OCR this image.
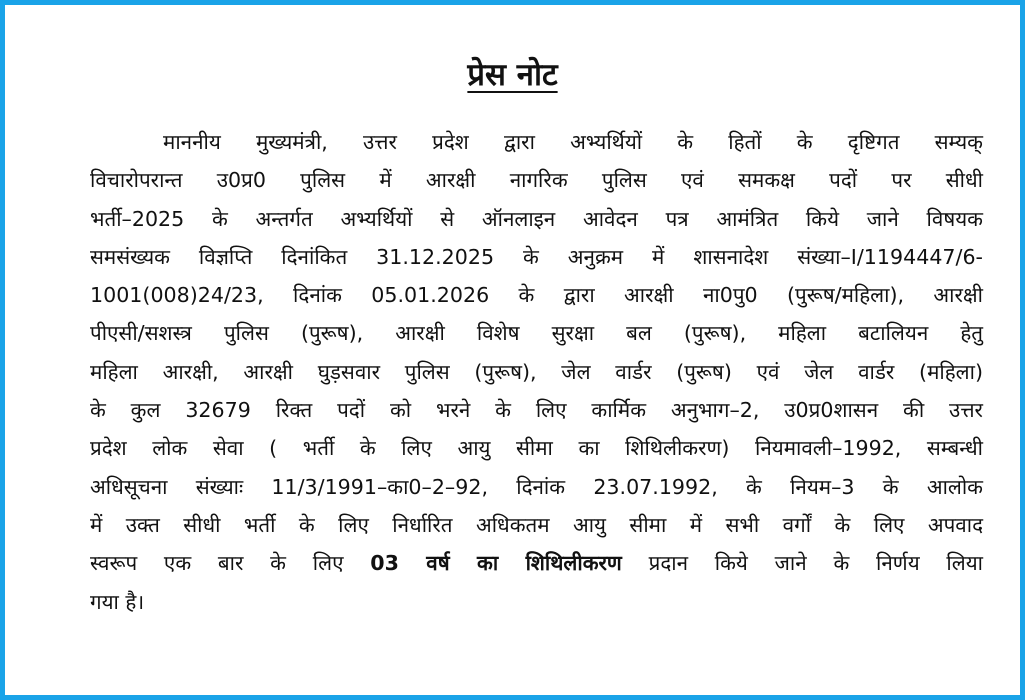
प्रेस नोट
माननीय मुख्यमंत्री, उत्तर प्रदेश द्वारा अभ्यर्थियों के हितों के दृष्टिगत सम्यक्
विचारोपरान्त उ0प्र0 पुलिस में आरक्षी नागरिक पुलिस एवं समकक्ष पदों पर सीधी
भर्ती–2025 के अन्तर्गत अभ्यर्थियों से ऑनलाइन आवेदन पत्र आमंत्रित किये जाने विषयक
समसंख्यक विज्ञप्ति दिनांकित 31.12.2025 के अनुक्रम में शासनादेश संख्या–I/1194447/6-
1001(008)24/23, दिनांक 05.01.2026 के द्वारा आरक्षी ना0पु0 (पुरूष/महिला), आरक्षी
पीएसी/सशस्त्र पुलिस (पुरूष), आरक्षी विशेष सुरक्षा बल (पुरूष), महिला बटालियन हेतु
महिला आरक्षी, आरक्षी घुड़सवार पुलिस (पुरूष), जेल वार्डर (पुरूष) एवं जेल वार्डर (महिला)
के कुल 32679 रिक्त पदों को भरने के लिए कार्मिक अनुभाग–2, उ0प्र0शासन की उत्तर
प्रदेश लोक सेवा ( भर्ती के लिए आयु सीमा का शिथिलीकरण) नियमावली–1992, सम्बन्धी
अधिसूचना संख्याः 11/3/1991–का0–2–92, दिनांक 23.07.1992, के नियम–3 के आलोक
में उक्त सीधी भर्ती के लिए निर्धारित अधिकतम आयु सीमा में सभी वर्गों के लिए अपवाद
स्वरूप एक बार के लिए 03 वर्ष का शिथिलीकरण प्रदान किये जाने के निर्णय लिया
गया है।
